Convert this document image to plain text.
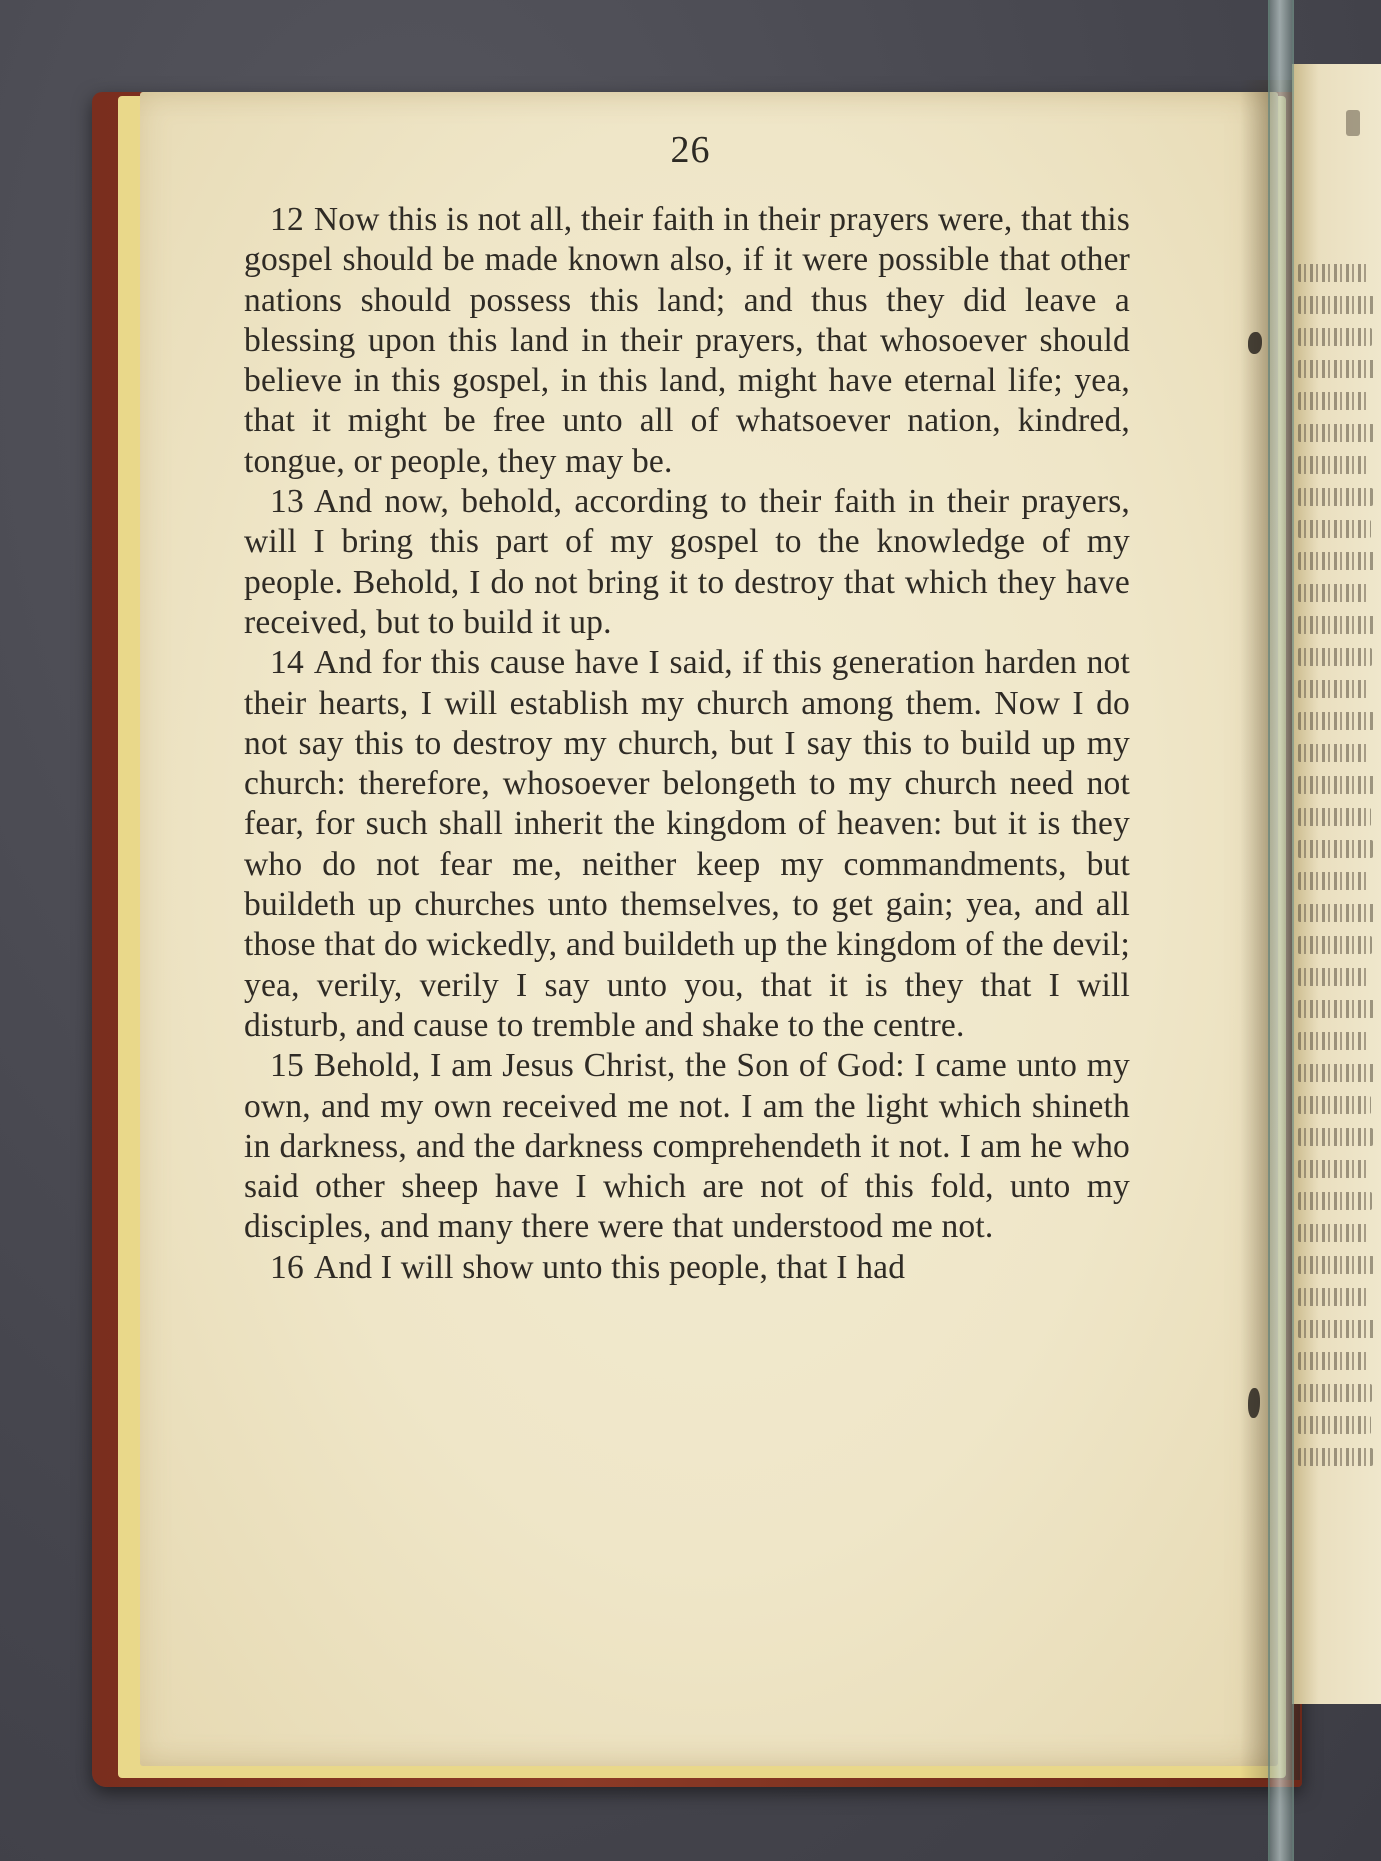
26

12 Now this is not all, their faith in their prayers were, that this gospel should be made known also, if it were possible that other nations should possess this land; and thus they did leave a blessing upon this land in their prayers, that whosoever should believe in this gospel, in this land, might have eternal life; yea, that it might be free unto all of whatsoever nation, kindred, tongue, or people, they may be.

13 And now, behold, according to their faith in their prayers, will I bring this part of my gospel to the knowledge of my people. Behold, I do not bring it to destroy that which they have received, but to build it up.

14 And for this cause have I said, if this generation harden not their hearts, I will establish my church among them. Now I do not say this to destroy my church, but I say this to build up my church: therefore, whosoever belongeth to my church need not fear, for such shall inherit the kingdom of heaven: but it is they who do not fear me, neither keep my commandments, but buildeth up churches unto themselves, to get gain; yea, and all those that do wickedly, and buildeth up the kingdom of the devil; yea, verily, verily I say unto you, that it is they that I will disturb, and cause to tremble and shake to the centre.

15 Behold, I am Jesus Christ, the Son of God: I came unto my own, and my own received me not. I am the light which shineth in darkness, and the darkness comprehendeth it not. I am he who said other sheep have I which are not of this fold, unto my disciples, and many there were that understood me not.

16 And I will show unto this people, that I had
